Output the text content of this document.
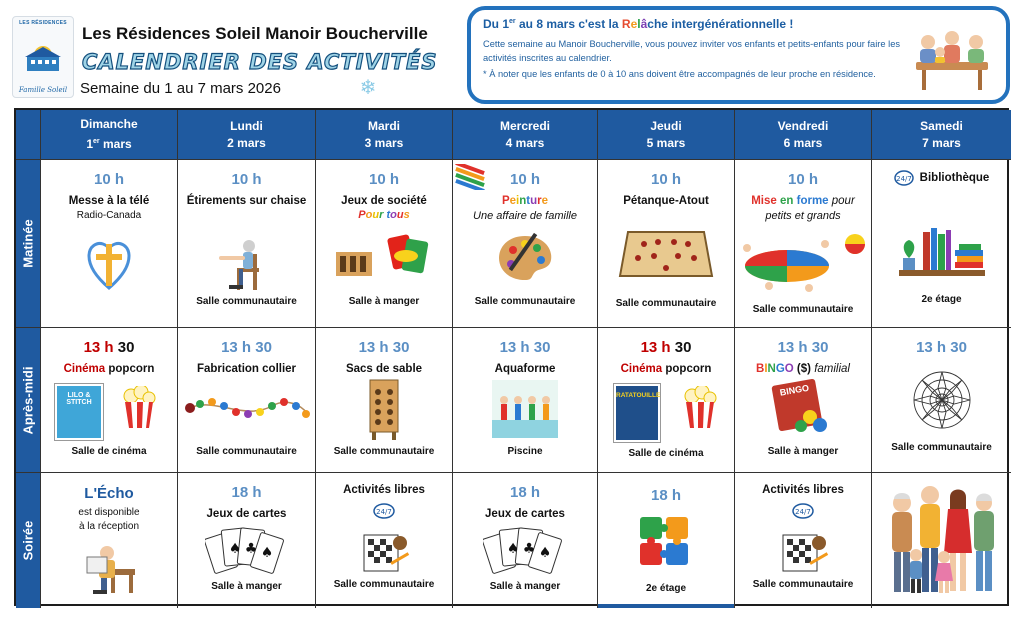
LES RÉSIDENCES
Famille Soleil
Les Résidences Soleil Manoir Boucherville
CALENDRIER DES ACTIVITÉS
Semaine du 1 au 7 mars 2026	❄
Du 1er au 8 mars c'est la Relâche intergénérationnelle !

Cette semaine au Manoir Boucherville, vous pouvez inviter vos enfants et petits-enfants pour faire les activités inscrites au calendrier.

* À noter que les enfants de 0 à 10 ans doivent être accompagnés de leur proche en résidence.

Dimanche
1er mars
Lundi
2 mars
Mardi
3 mars
Mercredi
4 mars
Jeudi
5 mars
Vendredi
6 mars
Samedi
7 mars
Matinée
10 h
Messe à la télé
Radio-Canada
10 h
Étirements sur chaise
Salle communautaire
10 h
Jeux de société
Pour tous
Salle à manger
10 h
Peinture
Une affaire de famille
Salle communautaire
10 h
Pétanque-Atout
Salle communautaire
10 h
Mise en forme pour
petits et grands
Salle communautaire
24/7 Bibliothèque
2e étage
Après-midi
13 h 30
Cinéma popcorn
LILO & STITCH
Salle de cinéma
13 h 30
Fabrication collier
Salle communautaire
13 h 30
Sacs de sable
Salle communautaire
13 h 30
Aquaforme
Piscine
13 h 30
Cinéma popcorn
RATATOUILLE
Salle de cinéma
13 h 30
BINGO ($) familial
BINGO
Salle à manger
13 h 30
Salle communautaire
Soirée
L'Écho
est disponible
à la réception
18 h
Jeux de cartes
♠ ♣ ♠
Salle à manger
Activités libres
24/7
Salle communautaire
18 h
Jeux de cartes
♠ ♣ ♠
Salle à manger
18 h
2e étage
Activités libres
24/7
Salle communautaire
